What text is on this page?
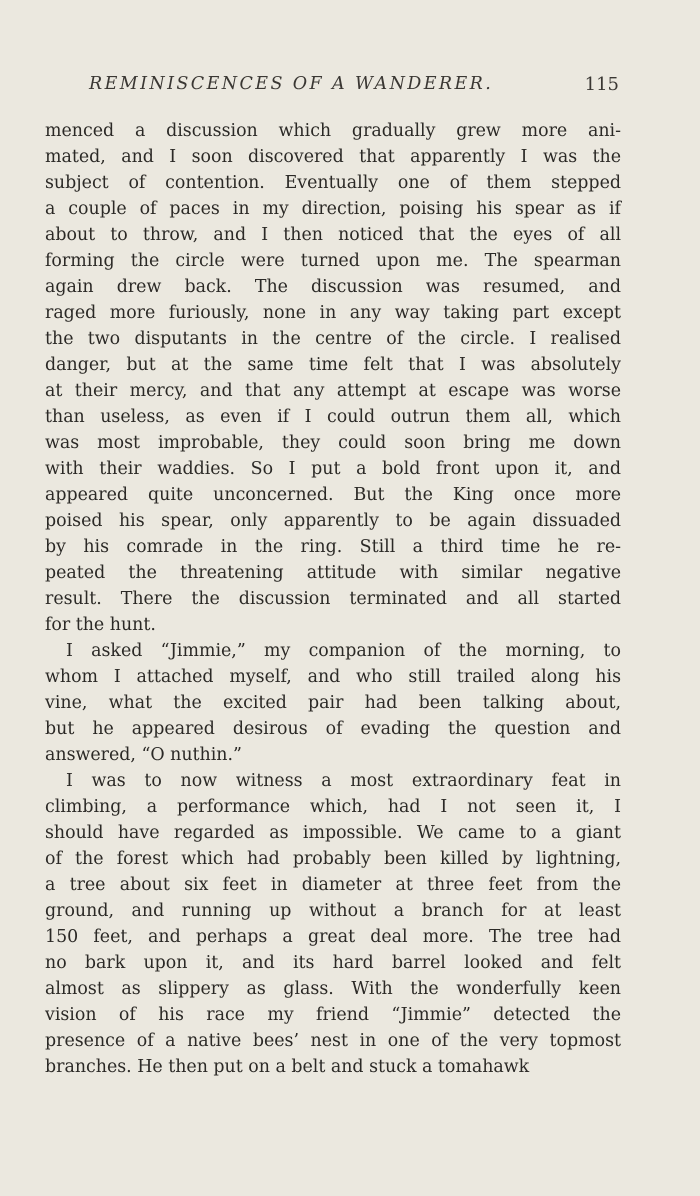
REMINISCENCES OF A WANDERER.	115
menced a discussion which gradually grew more ani-
mated, and I soon discovered that apparently I was the
subject of contention. Eventually one of them stepped
a couple of paces in my direction, poising his spear as if
about to throw, and I then noticed that the eyes of all
forming the circle were turned upon me. The spearman
again drew back. The discussion was resumed, and
raged more furiously, none in any way taking part except
the two disputants in the centre of the circle. I realised
danger, but at the same time felt that I was absolutely
at their mercy, and that any attempt at escape was worse
than useless, as even if I could outrun them all, which
was most improbable, they could soon bring me down
with their waddies. So I put a bold front upon it, and
appeared quite unconcerned. But the King once more
poised his spear, only apparently to be again dissuaded
by his comrade in the ring. Still a third time he re-
peated the threatening attitude with similar negative
result. There the discussion terminated and all started
for the hunt.
I asked “Jimmie,” my companion of the morning, to
whom I attached myself, and who still trailed along his
vine, what the excited pair had been talking about,
but he appeared desirous of evading the question and
answered, “O nuthin.”
I was to now witness a most extraordinary feat in
climbing, a performance which, had I not seen it, I
should have regarded as impossible. We came to a giant
of the forest which had probably been killed by lightning,
a tree about six feet in diameter at three feet from the
ground, and running up without a branch for at least
150 feet, and perhaps a great deal more. The tree had
no bark upon it, and its hard barrel looked and felt
almost as slippery as glass. With the wonderfully keen
vision of his race my friend “Jimmie” detected the
presence of a native bees’ nest in one of the very topmost
branches. He then put on a belt and stuck a tomahawk
